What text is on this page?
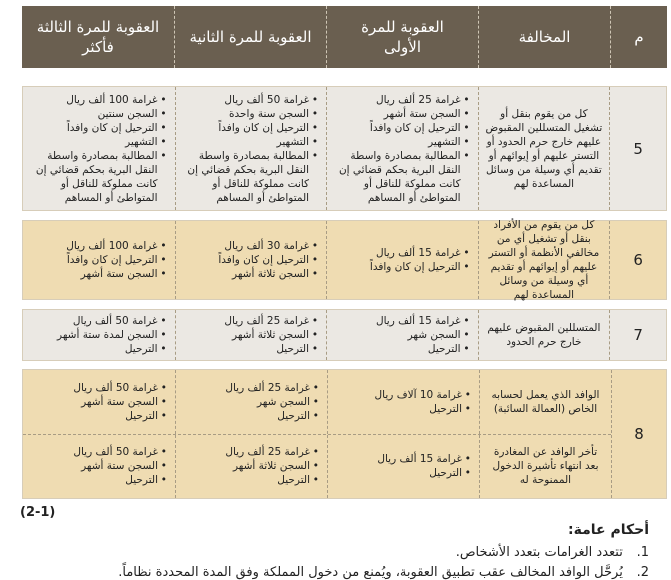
م
المخالفة
العقوبة للمرة الأولى
العقوبة للمرة الثانية
العقوبة للمرة الثالثة فأكثر
5
كل من يقوم بنقل أو تشغيل المتسللين المقبوض عليهم خارج حرم الحدود أو التستر عليهم أو إيوائهم أو تقديم أي وسيلة من وسائل المساعدة لهم
• غرامة 25 ألف ريال
• السجن ستة أشهر
• الترحيل إن كان وافداً
• التشهير
• المطالبة بمصادرة واسطة النقل البرية بحكم قضائي إن كانت مملوكة للناقل أو المتواطئ أو المساهم
• غرامة 50 ألف ريال
• السجن سنة واحدة
• الترحيل إن كان وافداً
• التشهير
• المطالبة بمصادرة واسطة النقل البرية بحكم قضائي إن كانت مملوكة للناقل أو المتواطئ أو المساهم
• غرامة 100 ألف ريال
• السجن سنتين
• الترحيل إن كان وافداً
• التشهير
• المطالبة بمصادرة واسطة النقل البرية بحكم قضائي إن كانت مملوكة للناقل أو المتواطئ أو المساهم
6
كل من يقوم من الأفراد بنقل أو تشغيل أي من مخالفي الأنظمة أو التستر عليهم أو إيوائهم أو تقديم أي وسيلة من وسائل المساعدة لهم
• غرامة 15 ألف ريال
• الترحيل إن كان وافداً
• غرامة 30 ألف ريال
• الترحيل إن كان وافداً
• السجن ثلاثة أشهر
• غرامة 100 ألف ريال
• الترحيل إن كان وافداً
• السجن ستة أشهر
7
المتسللين المقبوض عليهم خارج حرم الحدود
• غرامة 15 ألف ريال
• السجن شهر
• الترحيل
• غرامة 25 ألف ريال
• السجن ثلاثة أشهر
• الترحيل
• غرامة 50 ألف ريال
• السجن لمدة ستة أشهر
• الترحيل
8
الوافد الذي يعمل لحسابه الخاص (العمالة السائبة)
• غرامة 10 آلاف ريال
• الترحيل
• غرامة 25 ألف ريال
• السجن شهر
• الترحيل
• غرامة 50 ألف ريال
• السجن ستة أشهر
• الترحيل
تأخر الوافد عن المغادرة بعد انتهاء تأشيرة الدخول الممنوحة له
• غرامة 15 ألف ريال
• الترحيل
• غرامة 25 ألف ريال
• السجن ثلاثة أشهر
• الترحيل
• غرامة 50 ألف ريال
• السجن ستة أشهر
• الترحيل
(2-1)
أحكام عامة:
1. تتعدد الغرامات بتعدد الأشخاص.
2. يُرحَّل الوافد المخالف عقب تطبيق العقوبة، ويُمنع من دخول المملكة وفق المدة المحددة نظاماً.
